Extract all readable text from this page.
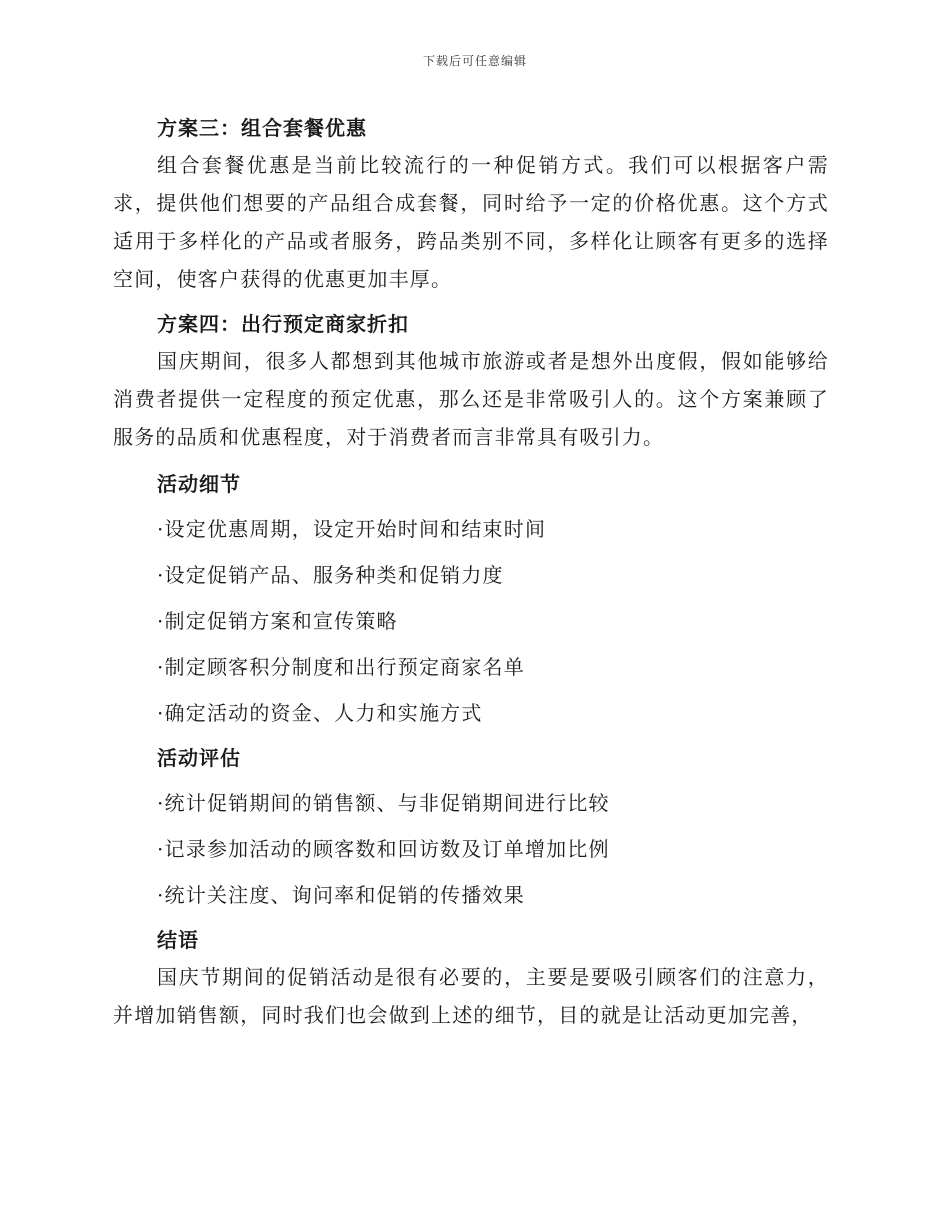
下载后可任意编辑
方案三：组合套餐优惠
组合套餐优惠是当前比较流行的一种促销方式。我们可以根据客户需求，提供他们想要的产品组合成套餐，同时给予一定的价格优惠。这个方式适用于多样化的产品或者服务，跨品类别不同，多样化让顾客有更多的选择空间，使客户获得的优惠更加丰厚。
方案四：出行预定商家折扣
国庆期间，很多人都想到其他城市旅游或者是想外出度假，假如能够给消费者提供一定程度的预定优惠，那么还是非常吸引人的。这个方案兼顾了服务的品质和优惠程度，对于消费者而言非常具有吸引力。
活动细节
·设定优惠周期，设定开始时间和结束时间
·设定促销产品、服务种类和促销力度
·制定促销方案和宣传策略
·制定顾客积分制度和出行预定商家名单
·确定活动的资金、人力和实施方式
活动评估
·统计促销期间的销售额、与非促销期间进行比较
·记录参加活动的顾客数和回访数及订单增加比例
·统计关注度、询问率和促销的传播效果
结语
国庆节期间的促销活动是很有必要的，主要是要吸引顾客们的注意力，并增加销售额，同时我们也会做到上述的细节，目的就是让活动更加完善，
